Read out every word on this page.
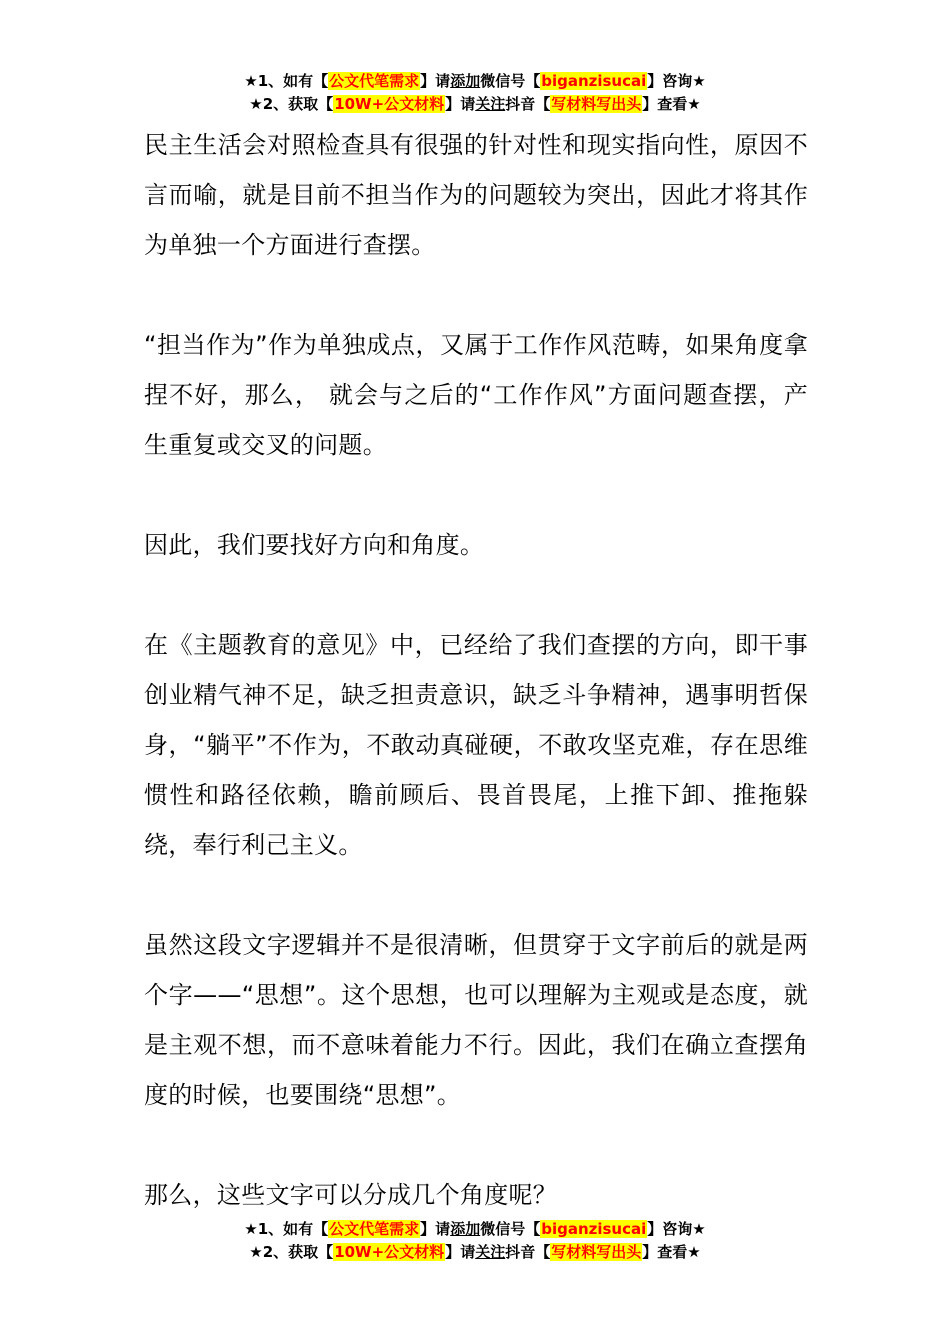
★1、如有【公文代笔需求】请添加微信号【biganzisucai】咨询★
★2、获取【10W+公文材料】请关注抖音【写材料写出头】查看★

民主生活会对照检查具有很强的针对性和现实指向性，原因不言而喻，就是目前不担当作为的问题较为突出，因此才将其作为单独一个方面进行查摆。

“担当作为”作为单独成点，又属于工作作风范畴，如果角度拿捏不好，那么， 就会与之后的“工作作风”方面问题查摆，产生重复或交叉的问题。

因此，我们要找好方向和角度。

在《主题教育的意见》中，已经给了我们查摆的方向，即干事创业精气神不足，缺乏担责意识，缺乏斗争精神，遇事明哲保身，“躺平”不作为，不敢动真碰硬，不敢攻坚克难，存在思维惯性和路径依赖，瞻前顾后、畏首畏尾，上推下卸、推拖躲绕，奉行利己主义。

虽然这段文字逻辑并不是很清晰，但贯穿于文字前后的就是两个字——“思想”。这个思想，也可以理解为主观或是态度，就是主观不想，而不意味着能力不行。因此，我们在确立查摆角度的时候，也要围绕“思想”。

那么，这些文字可以分成几个角度呢？

★1、如有【公文代笔需求】请添加微信号【biganzisucai】咨询★
★2、获取【10W+公文材料】请关注抖音【写材料写出头】查看★
